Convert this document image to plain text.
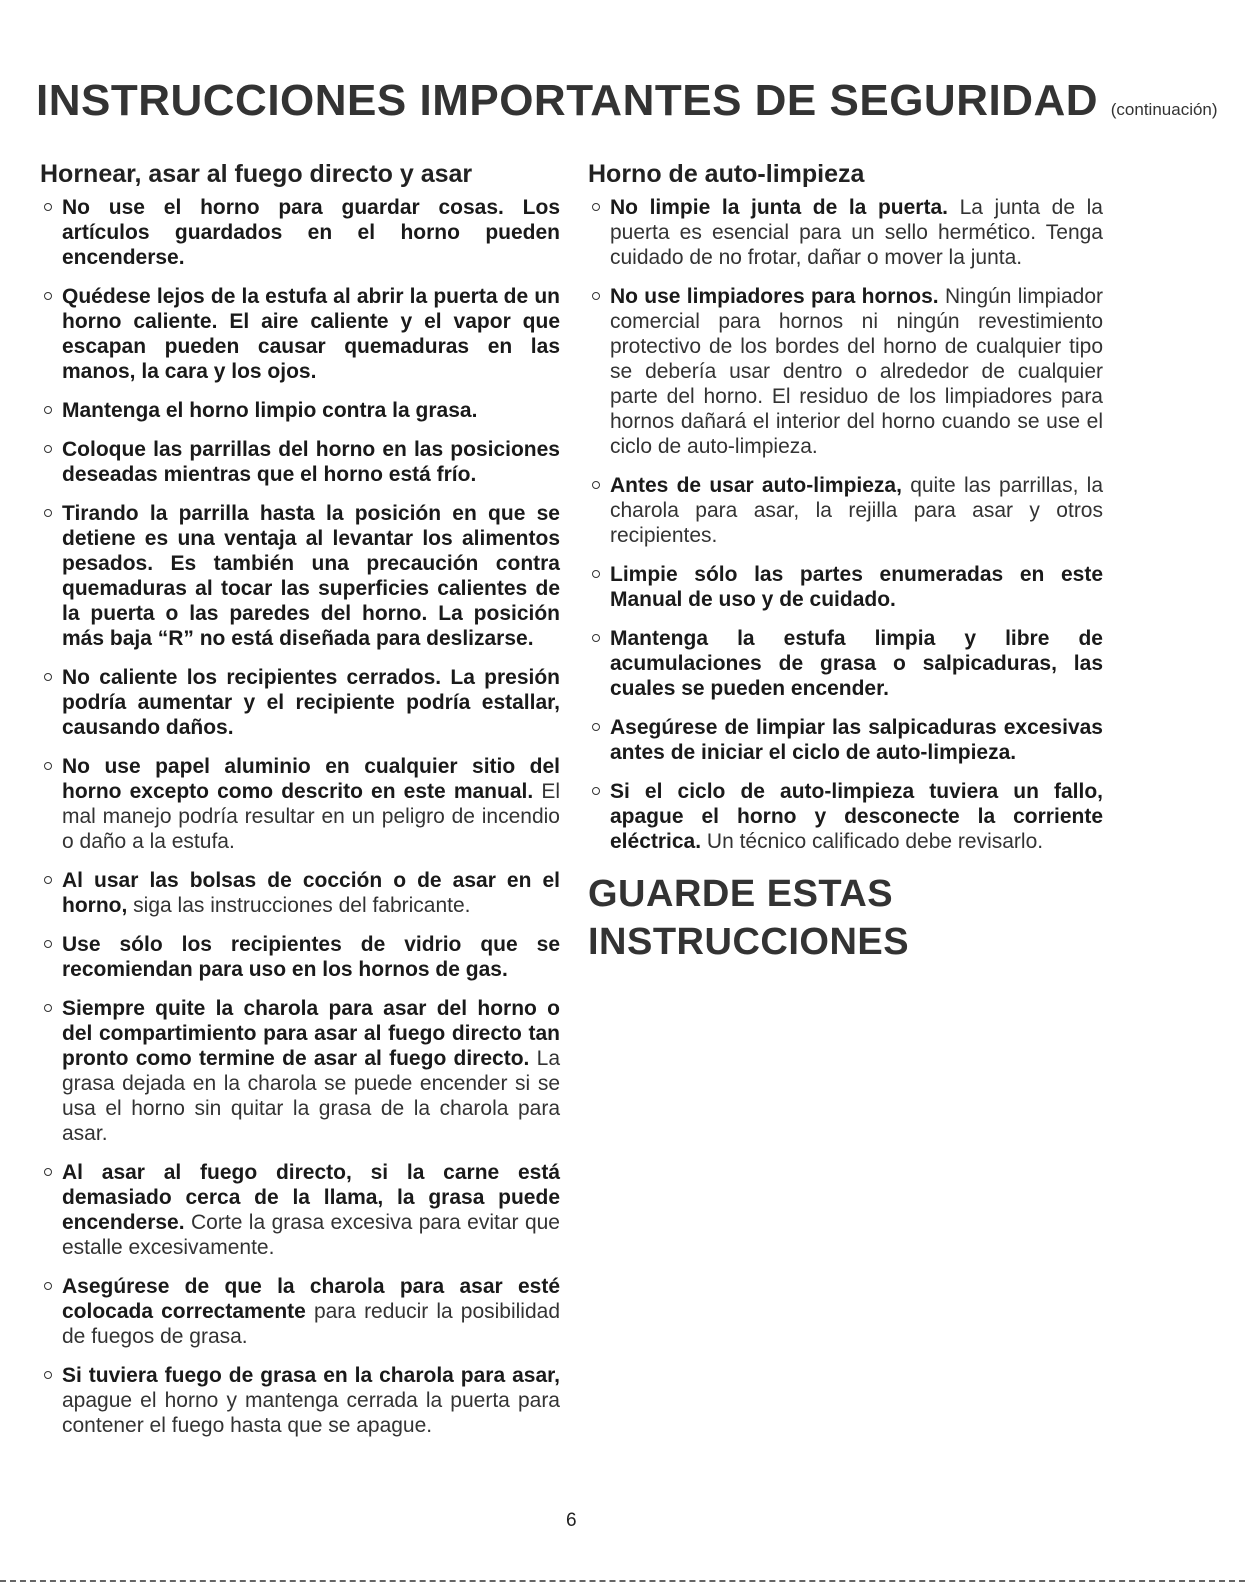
INSTRUCCIONES IMPORTANTES DE SEGURIDAD (continuación)
Hornear, asar al fuego directo y asar
No use el horno para guardar cosas. Los artículos guardados en el horno pueden encenderse.
Quédese lejos de la estufa al abrir la puerta de un horno caliente. El aire caliente y el vapor que escapan pueden causar quemaduras en las manos, la cara y los ojos.
Mantenga el horno limpio contra la grasa.
Coloque las parrillas del horno en las posiciones deseadas mientras que el horno está frío.
Tirando la parrilla hasta la posición en que se detiene es una ventaja al levantar los alimentos pesados. Es también una precaución contra quemaduras al tocar las superficies calientes de la puerta o las paredes del horno. La posición más baja “R” no está diseñada para deslizarse.
No caliente los recipientes cerrados. La presión podría aumentar y el recipiente podría estallar, causando daños.
No use papel aluminio en cualquier sitio del horno excepto como descrito en este manual. El mal manejo podría resultar en un peligro de incendio o daño a la estufa.
Al usar las bolsas de cocción o de asar en el horno, siga las instrucciones del fabricante.
Use sólo los recipientes de vidrio que se recomiendan para uso en los hornos de gas.
Siempre quite la charola para asar del horno o del compartimiento para asar al fuego directo tan pronto como termine de asar al fuego directo. La grasa dejada en la charola se puede encender si se usa el horno sin quitar la grasa de la charola para asar.
Al asar al fuego directo, si la carne está demasiado cerca de la llama, la grasa puede encenderse. Corte la grasa excesiva para evitar que estalle excesivamente.
Asegúrese de que la charola para asar esté colocada correctamente para reducir la posibilidad de fuegos de grasa.
Si tuviera fuego de grasa en la charola para asar, apague el horno y mantenga cerrada la puerta para contener el fuego hasta que se apague.
Horno de auto-limpieza
No limpie la junta de la puerta. La junta de la puerta es esencial para un sello hermético. Tenga cuidado de no frotar, dañar o mover la junta.
No use limpiadores para hornos. Ningún limpiador comercial para hornos ni ningún revestimiento protectivo de los bordes del horno de cualquier tipo se debería usar dentro o alrededor de cualquier parte del horno. El residuo de los limpiadores para hornos dañará el interior del horno cuando se use el ciclo de auto-limpieza.
Antes de usar auto-limpieza, quite las parrillas, la charola para asar, la rejilla para asar y otros recipientes.
Limpie sólo las partes enumeradas en este Manual de uso y de cuidado.
Mantenga la estufa limpia y libre de acumulaciones de grasa o salpicaduras, las cuales se pueden encender.
Asegúrese de limpiar las salpicaduras excesivas antes de iniciar el ciclo de auto-limpieza.
Si el ciclo de auto-limpieza tuviera un fallo, apague el horno y desconecte la corriente eléctrica. Un técnico calificado debe revisarlo.
GUARDE ESTAS
INSTRUCCIONES
6
